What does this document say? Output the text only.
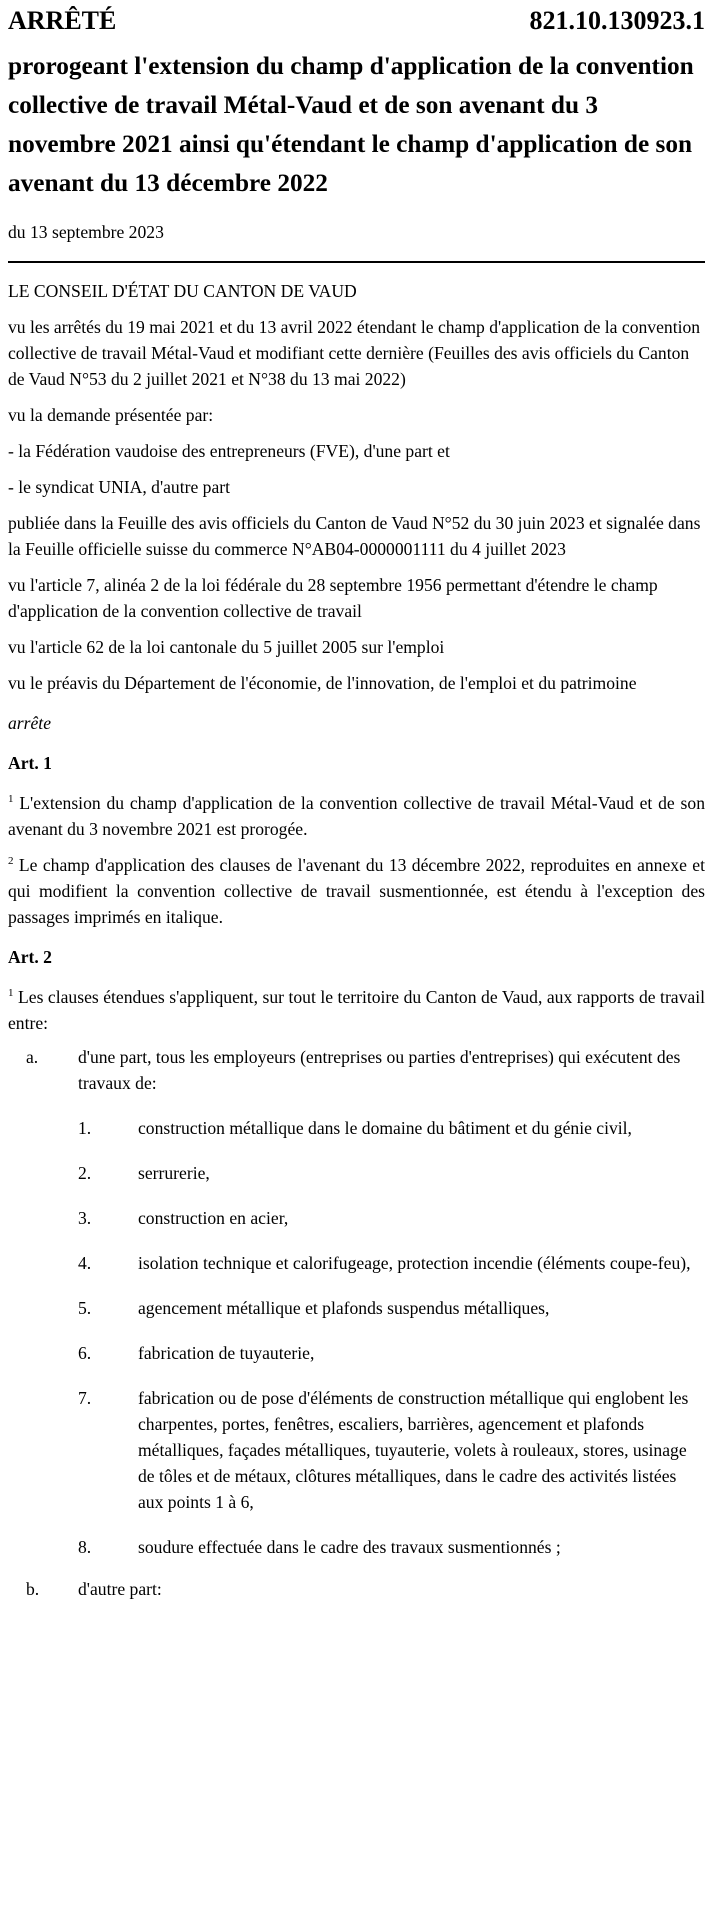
ARRÊTÉ	821.10.130923.1
prorogeant l'extension du champ d'application de la convention collective de travail Métal-Vaud et de son avenant du 3 novembre 2021 ainsi qu'étendant le champ d'application de son avenant du 13 décembre 2022
du 13 septembre 2023

LE CONSEIL D'ÉTAT DU CANTON DE VAUD

vu les arrêtés du 19 mai 2021 et du 13 avril 2022 étendant le champ d'application de la convention collective de travail Métal-Vaud et modifiant cette dernière (Feuilles des avis officiels du Canton de Vaud N°53 du 2 juillet 2021 et N°38 du 13 mai 2022)

vu la demande présentée par:

- la Fédération vaudoise des entrepreneurs (FVE), d'une part et

- le syndicat UNIA, d'autre part

publiée dans la Feuille des avis officiels du Canton de Vaud N°52 du 30 juin 2023 et signalée dans la Feuille officielle suisse du commerce N°AB04-0000001111 du 4 juillet 2023

vu l'article 7, alinéa 2 de la loi fédérale du 28 septembre 1956 permettant d'étendre le champ d'application de la convention collective de travail

vu l'article 62 de la loi cantonale du 5 juillet 2005 sur l'emploi

vu le préavis du Département de l'économie, de l'innovation, de l'emploi et du patrimoine

arrête

Art. 1

$^1$ L'extension du champ d'application de la convention collective de travail Métal-Vaud et de son avenant du 3 novembre 2021 est prorogée.

$^2$ Le champ d'application des clauses de l'avenant du 13 décembre 2022, reproduites en annexe et qui modifient la convention collective de travail susmentionnée, est étendu à l'exception des passages imprimés en italique.

Art. 2

$^1$ Les clauses étendues s'appliquent, sur tout le territoire du Canton de Vaud, aux rapports de travail entre:

a.	d'une part, tous les employeurs (entreprises ou parties d'entreprises) qui exécutent des travaux de:
1.	construction métallique dans le domaine du bâtiment et du génie civil,
2.	serrurerie,
3.	construction en acier,
4.	isolation technique et calorifugeage, protection incendie (éléments coupe-feu),
5.	agencement métallique et plafonds suspendus métalliques,
6.	fabrication de tuyauterie,
7.	fabrication ou de pose d'éléments de construction métallique qui englobent les charpentes, portes, fenêtres, escaliers, barrières, agencement et plafonds métalliques, façades métalliques, tuyauterie, volets à rouleaux, stores, usinage de tôles et de métaux, clôtures métalliques, dans le cadre des activités listées aux points 1 à 6,
8.	soudure effectuée dans le cadre des travaux susmentionnés ;
b.	d'autre part:
